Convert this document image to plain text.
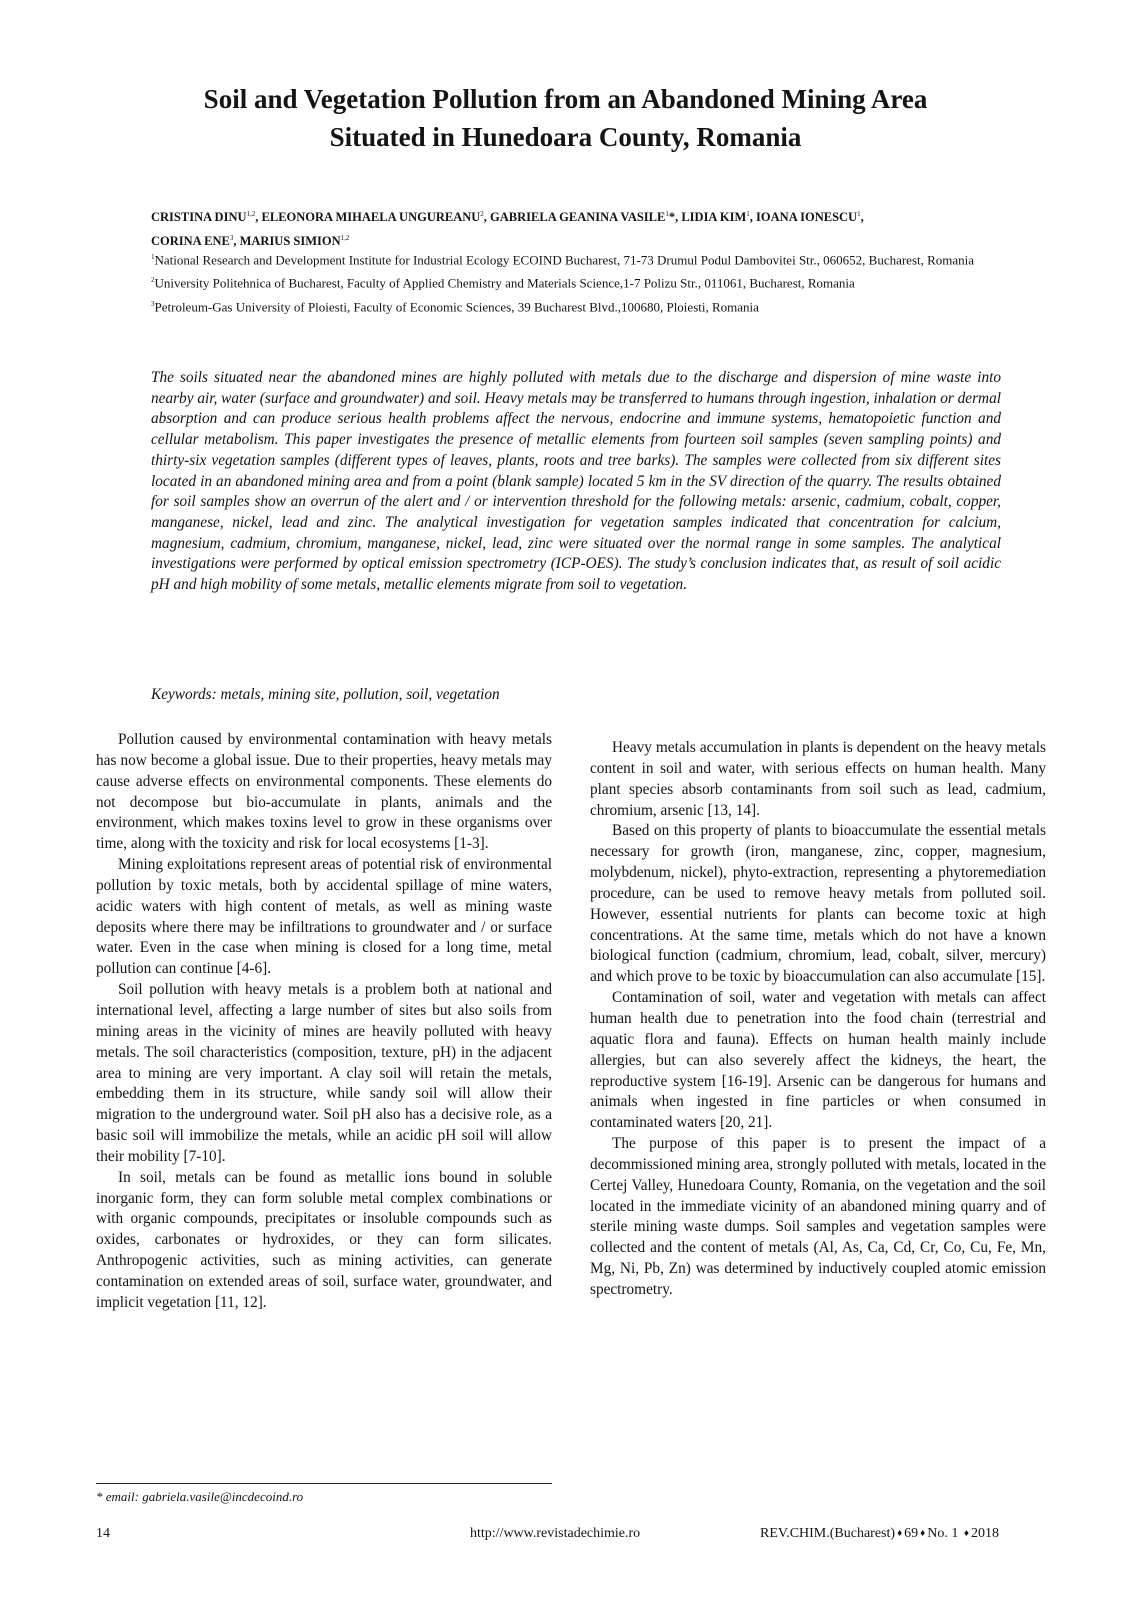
Soil and Vegetation Pollution from an Abandoned Mining Area
Situated in Hunedoara County, Romania
CRISTINA DINU$^{1,2}$, ELEONORA MIHAELA UNGUREANU$^2$, GABRIELA GEANINA VASILE$^1$*, LIDIA KIM$^1$, IOANA IONESCU$^1$,
CORINA ENE$^3$, MARIUS SIMION$^{1,2}$

$^1$National Research and Development Institute for Industrial Ecology ECOIND Bucharest, 71-73 Drumul Podul Dambovitei Str., 060652, Bucharest, Romania

$^2$University Politehnica of Bucharest, Faculty of Applied Chemistry and Materials Science,1-7 Polizu Str., 011061, Bucharest, Romania

$^3$Petroleum-Gas University of Ploiesti, Faculty of Economic Sciences, 39 Bucharest Blvd.,100680, Ploiesti, Romania

The soils situated near the abandoned mines are highly polluted with metals due to the discharge and dispersion of mine waste into nearby air, water (surface and groundwater) and soil. Heavy metals may be transferred to humans through ingestion, inhalation or dermal absorption and can produce serious health problems affect the nervous, endocrine and immune systems, hematopoietic function and cellular metabolism. This paper investigates the presence of metallic elements from fourteen soil samples (seven sampling points) and thirty-six vegetation samples (different types of leaves, plants, roots and tree barks). The samples were collected from six different sites located in an abandoned mining area and from a point (blank sample) located 5 km in the SV direction of the quarry. The results obtained for soil samples show an overrun of the alert and / or intervention threshold for the following metals: arsenic, cadmium, cobalt, copper, manganese, nickel, lead and zinc. The analytical investigation for vegetation samples indicated that concentration for calcium, magnesium, cadmium, chromium, manganese, nickel, lead, zinc were situated over the normal range in some samples. The analytical investigations were performed by optical emission spectrometry (ICP-OES). The study’s conclusion indicates that, as result of soil acidic pH and high mobility of some metals, metallic elements migrate from soil to vegetation.

Keywords: metals, mining site, pollution, soil, vegetation

Pollution caused by environmental contamination with heavy metals has now become a global issue. Due to their properties, heavy metals may cause adverse effects on environmental components. These elements do not decompose but bio-accumulate in plants, animals and the environment, which makes toxins level to grow in these organisms over time, along with the toxicity and risk for local ecosystems [1-3].

Mining exploitations represent areas of potential risk of environmental pollution by toxic metals, both by accidental spillage of mine waters, acidic waters with high content of metals, as well as mining waste deposits where there may be infiltrations to groundwater and / or surface water. Even in the case when mining is closed for a long time, metal pollution can continue [4-6].

Soil pollution with heavy metals is a problem both at national and international level, affecting a large number of sites but also soils from mining areas in the vicinity of mines are heavily polluted with heavy metals. The soil characteristics (composition, texture, pH) in the adjacent area to mining are very important. A clay soil will retain the metals, embedding them in its structure, while sandy soil will allow their migration to the underground water. Soil pH also has a decisive role, as a basic soil will immobilize the metals, while an acidic pH soil will allow their mobility [7-10].

In soil, metals can be found as metallic ions bound in soluble inorganic form, they can form soluble metal complex combinations or with organic compounds, precipitates or insoluble compounds such as oxides, carbonates or hydroxides, or they can form silicates. Anthropogenic activities, such as mining activities, can generate contamination on extended areas of soil, surface water, groundwater, and implicit vegetation [11, 12].

Heavy metals accumulation in plants is dependent on the heavy metals content in soil and water, with serious effects on human health. Many plant species absorb contaminants from soil such as lead, cadmium, chromium, arsenic [13, 14].

Based on this property of plants to bioaccumulate the essential metals necessary for growth (iron, manganese, zinc, copper, magnesium, molybdenum, nickel), phyto-extraction, representing a phytoremediation procedure, can be used to remove heavy metals from polluted soil. However, essential nutrients for plants can become toxic at high concentrations. At the same time, metals which do not have a known biological function (cadmium, chromium, lead, cobalt, silver, mercury) and which prove to be toxic by bioaccumulation can also accumulate [15].

Contamination of soil, water and vegetation with metals can affect human health due to penetration into the food chain (terrestrial and aquatic flora and fauna). Effects on human health mainly include allergies, but can also severely affect the kidneys, the heart, the reproductive system [16-19]. Arsenic can be dangerous for humans and animals when ingested in fine particles or when consumed in contaminated waters [20, 21].

The purpose of this paper is to present the impact of a decommissioned mining area, strongly polluted with metals, located in the Certej Valley, Hunedoara County, Romania, on the vegetation and the soil located in the immediate vicinity of an abandoned mining quarry and of sterile mining waste dumps. Soil samples and vegetation samples were collected and the content of metals (Al, As, Ca, Cd, Cr, Co, Cu, Fe, Mn, Mg, Ni, Pb, Zn) was determined by inductively coupled atomic emission spectrometry.

* email: gabriela.vasile@incdecoind.ro
14	http://www.revistadechimie.ro	REV.CHIM.(Bucharest) ♦ 69 ♦ No. 1 ♦ 2018
